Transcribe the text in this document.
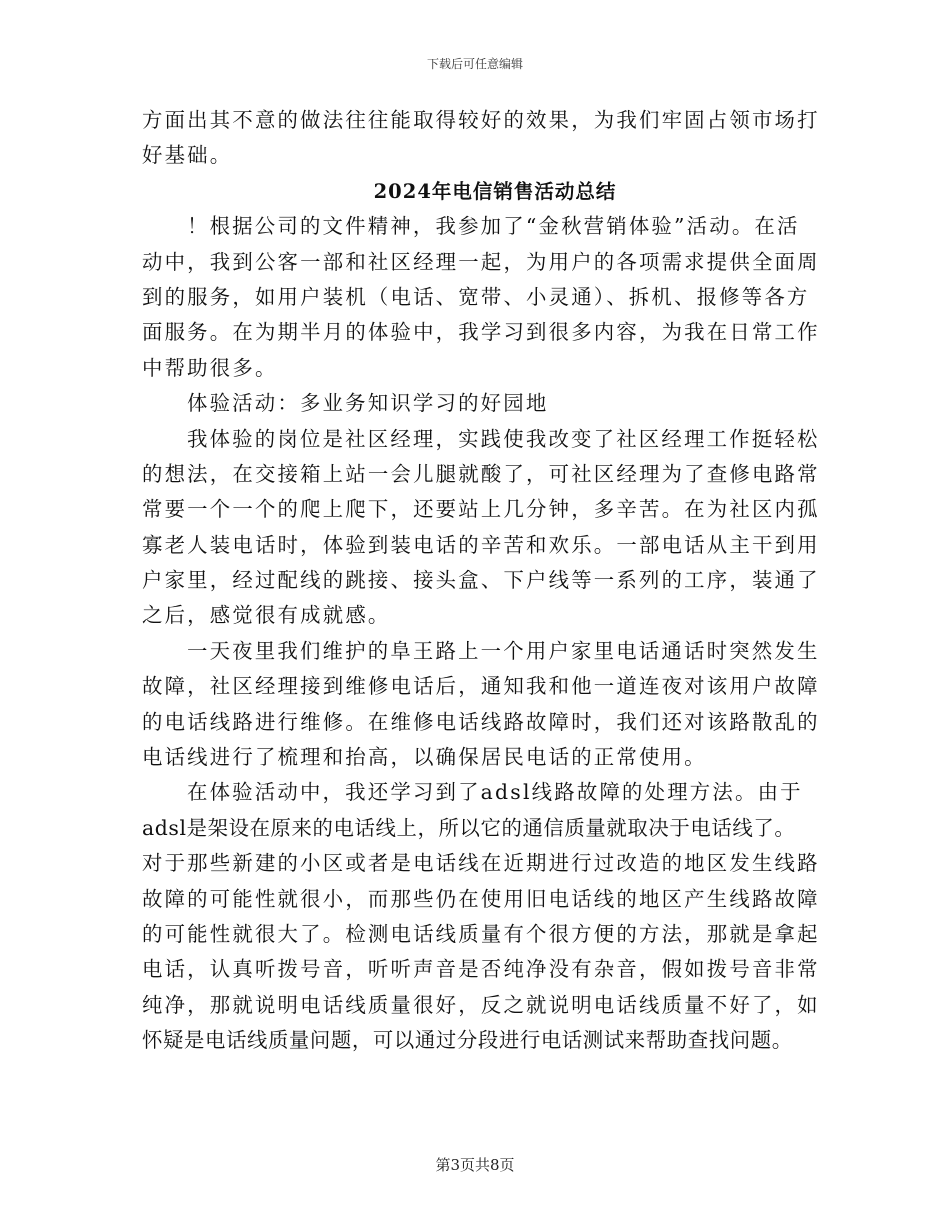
下载后可任意编辑
方面出其不意的做法往往能取得较好的效果，为我们牢固占领市场打
好基础。
2024年电信销售活动总结
！根据公司的文件精神，我参加了“金秋营销体验”活动。在活
动中，我到公客一部和社区经理一起，为用户的各项需求提供全面周
到的服务，如用户装机（电话、宽带、小灵通）、拆机、报修等各方
面服务。在为期半月的体验中，我学习到很多内容，为我在日常工作
中帮助很多。
体验活动：多业务知识学习的好园地
我体验的岗位是社区经理，实践使我改变了社区经理工作挺轻松
的想法，在交接箱上站一会儿腿就酸了，可社区经理为了查修电路常
常要一个一个的爬上爬下，还要站上几分钟，多辛苦。在为社区内孤
寡老人装电话时，体验到装电话的辛苦和欢乐。一部电话从主干到用
户家里，经过配线的跳接、接头盒、下户线等一系列的工序，装通了
之后，感觉很有成就感。
一天夜里我们维护的阜王路上一个用户家里电话通话时突然发生
故障，社区经理接到维修电话后，通知我和他一道连夜对该用户故障
的电话线路进行维修。在维修电话线路故障时，我们还对该路散乱的
电话线进行了梳理和抬高，以确保居民电话的正常使用。
在体验活动中，我还学习到了adsl线路故障的处理方法。由于
adsl是架设在原来的电话线上，所以它的通信质量就取决于电话线了。
对于那些新建的小区或者是电话线在近期进行过改造的地区发生线路
故障的可能性就很小，而那些仍在使用旧电话线的地区产生线路故障
的可能性就很大了。检测电话线质量有个很方便的方法，那就是拿起
电话，认真听拨号音，听听声音是否纯净没有杂音，假如拨号音非常
纯净，那就说明电话线质量很好，反之就说明电话线质量不好了，如
怀疑是电话线质量问题，可以通过分段进行电话测试来帮助查找问题。
第3页共8页
